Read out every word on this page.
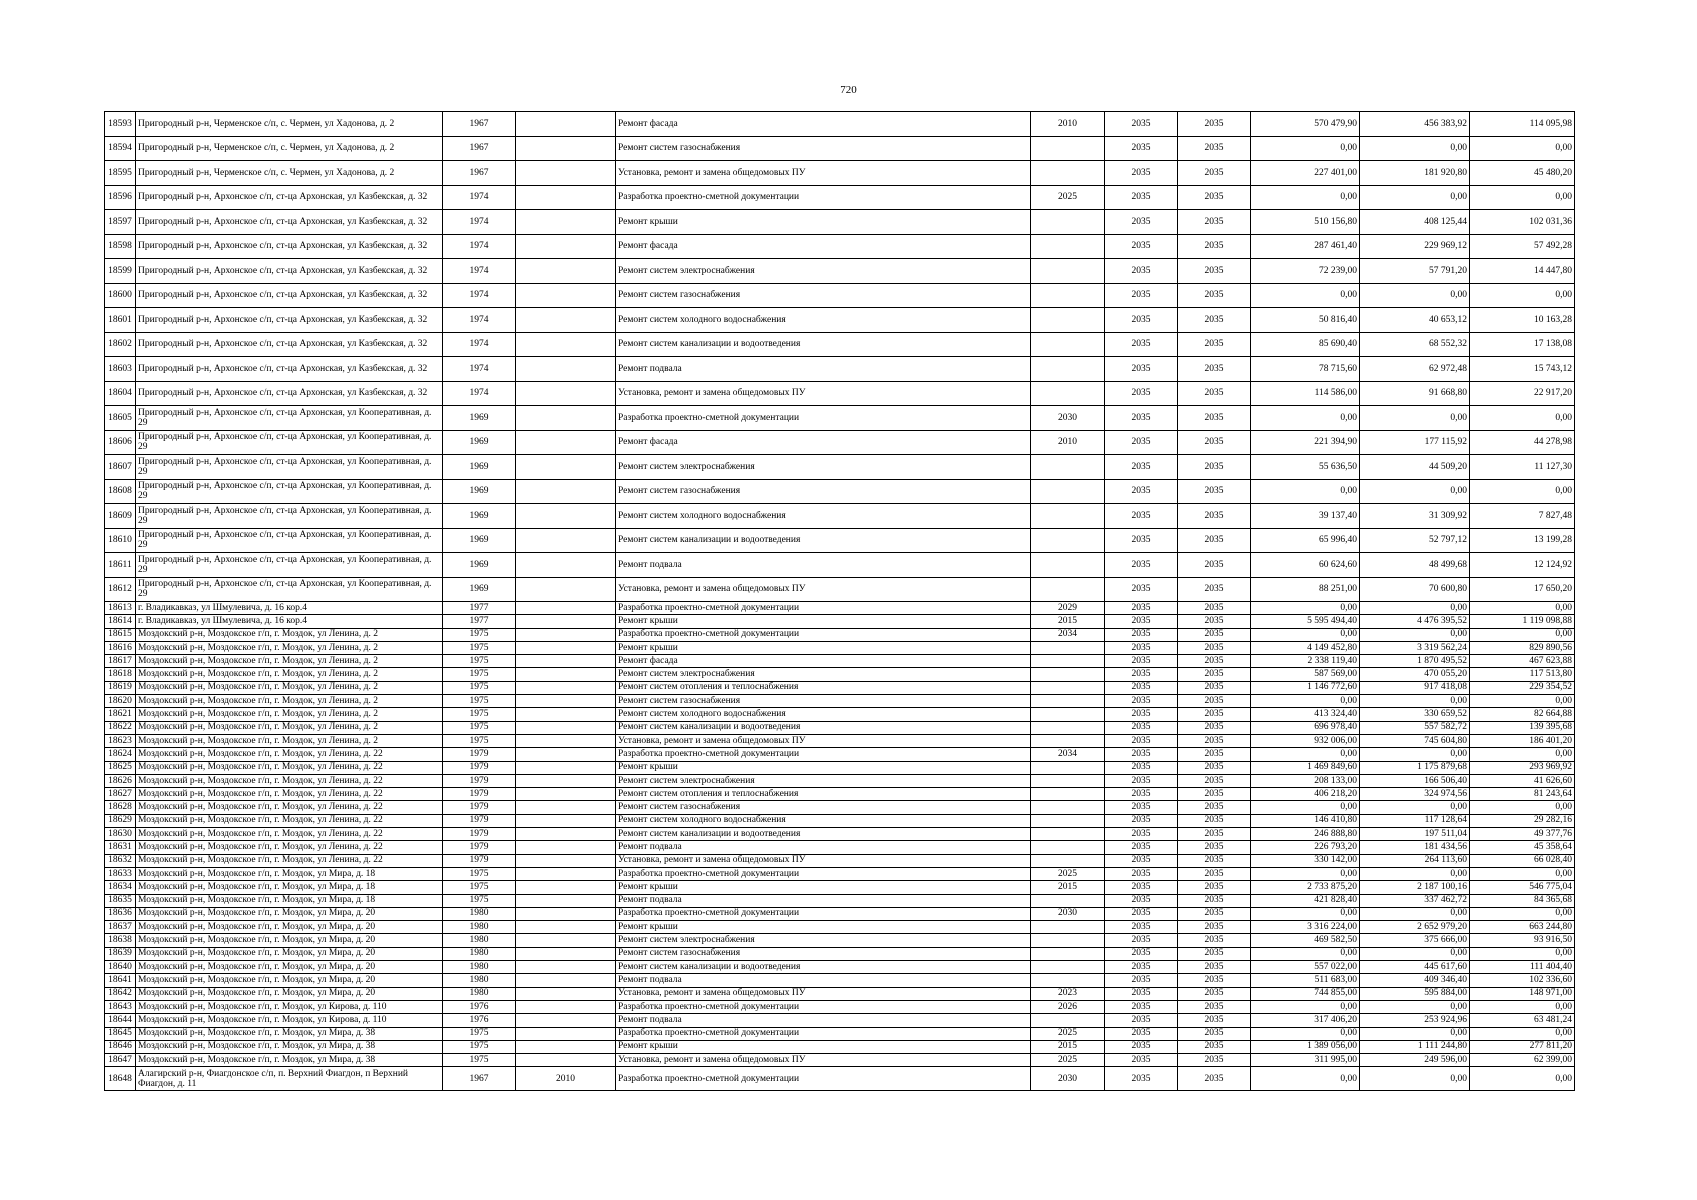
720
18593	Пригородный р-н, Черменское с/п, с. Чермен, ул Хадонова, д. 2	1967		Ремонт фасада	2010	2035	2035	570 479,90	456 383,92	114 095,98
18594	Пригородный р-н, Черменское с/п, с. Чермен, ул Хадонова, д. 2	1967		Ремонт систем газоснабжения		2035	2035	0,00	0,00	0,00
18595	Пригородный р-н, Черменское с/п, с. Чермен, ул Хадонова, д. 2	1967		Установка, ремонт и замена общедомовых ПУ		2035	2035	227 401,00	181 920,80	45 480,20
18596	Пригородный р-н, Архонское с/п, ст-ца Архонская, ул Казбекская, д. 32	1974		Разработка проектно-сметной документации	2025	2035	2035	0,00	0,00	0,00
18597	Пригородный р-н, Архонское с/п, ст-ца Архонская, ул Казбекская, д. 32	1974		Ремонт крыши		2035	2035	510 156,80	408 125,44	102 031,36
18598	Пригородный р-н, Архонское с/п, ст-ца Архонская, ул Казбекская, д. 32	1974		Ремонт фасада		2035	2035	287 461,40	229 969,12	57 492,28
18599	Пригородный р-н, Архонское с/п, ст-ца Архонская, ул Казбекская, д. 32	1974		Ремонт систем электроснабжения		2035	2035	72 239,00	57 791,20	14 447,80
18600	Пригородный р-н, Архонское с/п, ст-ца Архонская, ул Казбекская, д. 32	1974		Ремонт систем газоснабжения		2035	2035	0,00	0,00	0,00
18601	Пригородный р-н, Архонское с/п, ст-ца Архонская, ул Казбекская, д. 32	1974		Ремонт систем холодного водоснабжения		2035	2035	50 816,40	40 653,12	10 163,28
18602	Пригородный р-н, Архонское с/п, ст-ца Архонская, ул Казбекская, д. 32	1974		Ремонт систем канализации и водоотведения		2035	2035	85 690,40	68 552,32	17 138,08
18603	Пригородный р-н, Архонское с/п, ст-ца Архонская, ул Казбекская, д. 32	1974		Ремонт подвала		2035	2035	78 715,60	62 972,48	15 743,12
18604	Пригородный р-н, Архонское с/п, ст-ца Архонская, ул Казбекская, д. 32	1974		Установка, ремонт и замена общедомовых ПУ		2035	2035	114 586,00	91 668,80	22 917,20
18605	Пригородный р-н, Архонское с/п, ст-ца Архонская, ул Кооперативная, д. 29	1969		Разработка проектно-сметной документации	2030	2035	2035	0,00	0,00	0,00
18606	Пригородный р-н, Архонское с/п, ст-ца Архонская, ул Кооперативная, д. 29	1969		Ремонт фасада	2010	2035	2035	221 394,90	177 115,92	44 278,98
18607	Пригородный р-н, Архонское с/п, ст-ца Архонская, ул Кооперативная, д. 29	1969		Ремонт систем электроснабжения		2035	2035	55 636,50	44 509,20	11 127,30
18608	Пригородный р-н, Архонское с/п, ст-ца Архонская, ул Кооперативная, д. 29	1969		Ремонт систем газоснабжения		2035	2035	0,00	0,00	0,00
18609	Пригородный р-н, Архонское с/п, ст-ца Архонская, ул Кооперативная, д. 29	1969		Ремонт систем холодного водоснабжения		2035	2035	39 137,40	31 309,92	7 827,48
18610	Пригородный р-н, Архонское с/п, ст-ца Архонская, ул Кооперативная, д. 29	1969		Ремонт систем канализации и водоотведения		2035	2035	65 996,40	52 797,12	13 199,28
18611	Пригородный р-н, Архонское с/п, ст-ца Архонская, ул Кооперативная, д. 29	1969		Ремонт подвала		2035	2035	60 624,60	48 499,68	12 124,92
18612	Пригородный р-н, Архонское с/п, ст-ца Архонская, ул Кооперативная, д. 29	1969		Установка, ремонт и замена общедомовых ПУ		2035	2035	88 251,00	70 600,80	17 650,20
18613	г. Владикавказ, ул Шмулевича, д. 16 кор.4	1977		Разработка проектно-сметной документации	2029	2035	2035	0,00	0,00	0,00
18614	г. Владикавказ, ул Шмулевича, д. 16 кор.4	1977		Ремонт крыши	2015	2035	2035	5 595 494,40	4 476 395,52	1 119 098,88
18615	Моздокский р-н, Моздокское г/п, г. Моздок, ул Ленина, д. 2	1975		Разработка проектно-сметной документации	2034	2035	2035	0,00	0,00	0,00
18616	Моздокский р-н, Моздокское г/п, г. Моздок, ул Ленина, д. 2	1975		Ремонт крыши		2035	2035	4 149 452,80	3 319 562,24	829 890,56
18617	Моздокский р-н, Моздокское г/п, г. Моздок, ул Ленина, д. 2	1975		Ремонт фасада		2035	2035	2 338 119,40	1 870 495,52	467 623,88
18618	Моздокский р-н, Моздокское г/п, г. Моздок, ул Ленина, д. 2	1975		Ремонт систем электроснабжения		2035	2035	587 569,00	470 055,20	117 513,80
18619	Моздокский р-н, Моздокское г/п, г. Моздок, ул Ленина, д. 2	1975		Ремонт систем отопления и теплоснабжения		2035	2035	1 146 772,60	917 418,08	229 354,52
18620	Моздокский р-н, Моздокское г/п, г. Моздок, ул Ленина, д. 2	1975		Ремонт систем газоснабжения		2035	2035	0,00	0,00	0,00
18621	Моздокский р-н, Моздокское г/п, г. Моздок, ул Ленина, д. 2	1975		Ремонт систем холодного водоснабжения		2035	2035	413 324,40	330 659,52	82 664,88
18622	Моздокский р-н, Моздокское г/п, г. Моздок, ул Ленина, д. 2	1975		Ремонт систем канализации и водоотведения		2035	2035	696 978,40	557 582,72	139 395,68
18623	Моздокский р-н, Моздокское г/п, г. Моздок, ул Ленина, д. 2	1975		Установка, ремонт и замена общедомовых ПУ		2035	2035	932 006,00	745 604,80	186 401,20
18624	Моздокский р-н, Моздокское г/п, г. Моздок, ул Ленина, д. 22	1979		Разработка проектно-сметной документации	2034	2035	2035	0,00	0,00	0,00
18625	Моздокский р-н, Моздокское г/п, г. Моздок, ул Ленина, д. 22	1979		Ремонт крыши		2035	2035	1 469 849,60	1 175 879,68	293 969,92
18626	Моздокский р-н, Моздокское г/п, г. Моздок, ул Ленина, д. 22	1979		Ремонт систем электроснабжения		2035	2035	208 133,00	166 506,40	41 626,60
18627	Моздокский р-н, Моздокское г/п, г. Моздок, ул Ленина, д. 22	1979		Ремонт систем отопления и теплоснабжения		2035	2035	406 218,20	324 974,56	81 243,64
18628	Моздокский р-н, Моздокское г/п, г. Моздок, ул Ленина, д. 22	1979		Ремонт систем газоснабжения		2035	2035	0,00	0,00	0,00
18629	Моздокский р-н, Моздокское г/п, г. Моздок, ул Ленина, д. 22	1979		Ремонт систем холодного водоснабжения		2035	2035	146 410,80	117 128,64	29 282,16
18630	Моздокский р-н, Моздокское г/п, г. Моздок, ул Ленина, д. 22	1979		Ремонт систем канализации и водоотведения		2035	2035	246 888,80	197 511,04	49 377,76
18631	Моздокский р-н, Моздокское г/п, г. Моздок, ул Ленина, д. 22	1979		Ремонт подвала		2035	2035	226 793,20	181 434,56	45 358,64
18632	Моздокский р-н, Моздокское г/п, г. Моздок, ул Ленина, д. 22	1979		Установка, ремонт и замена общедомовых ПУ		2035	2035	330 142,00	264 113,60	66 028,40
18633	Моздокский р-н, Моздокское г/п, г. Моздок, ул Мира, д. 18	1975		Разработка проектно-сметной документации	2025	2035	2035	0,00	0,00	0,00
18634	Моздокский р-н, Моздокское г/п, г. Моздок, ул Мира, д. 18	1975		Ремонт крыши	2015	2035	2035	2 733 875,20	2 187 100,16	546 775,04
18635	Моздокский р-н, Моздокское г/п, г. Моздок, ул Мира, д. 18	1975		Ремонт подвала		2035	2035	421 828,40	337 462,72	84 365,68
18636	Моздокский р-н, Моздокское г/п, г. Моздок, ул Мира, д. 20	1980		Разработка проектно-сметной документации	2030	2035	2035	0,00	0,00	0,00
18637	Моздокский р-н, Моздокское г/п, г. Моздок, ул Мира, д. 20	1980		Ремонт крыши		2035	2035	3 316 224,00	2 652 979,20	663 244,80
18638	Моздокский р-н, Моздокское г/п, г. Моздок, ул Мира, д. 20	1980		Ремонт систем электроснабжения		2035	2035	469 582,50	375 666,00	93 916,50
18639	Моздокский р-н, Моздокское г/п, г. Моздок, ул Мира, д. 20	1980		Ремонт систем газоснабжения		2035	2035	0,00	0,00	0,00
18640	Моздокский р-н, Моздокское г/п, г. Моздок, ул Мира, д. 20	1980		Ремонт систем канализации и водоотведения		2035	2035	557 022,00	445 617,60	111 404,40
18641	Моздокский р-н, Моздокское г/п, г. Моздок, ул Мира, д. 20	1980		Ремонт подвала		2035	2035	511 683,00	409 346,40	102 336,60
18642	Моздокский р-н, Моздокское г/п, г. Моздок, ул Мира, д. 20	1980		Установка, ремонт и замена общедомовых ПУ	2023	2035	2035	744 855,00	595 884,00	148 971,00
18643	Моздокский р-н, Моздокское г/п, г. Моздок, ул Кирова, д. 110	1976		Разработка проектно-сметной документации	2026	2035	2035	0,00	0,00	0,00
18644	Моздокский р-н, Моздокское г/п, г. Моздок, ул Кирова, д. 110	1976		Ремонт подвала		2035	2035	317 406,20	253 924,96	63 481,24
18645	Моздокский р-н, Моздокское г/п, г. Моздок, ул Мира, д. 38	1975		Разработка проектно-сметной документации	2025	2035	2035	0,00	0,00	0,00
18646	Моздокский р-н, Моздокское г/п, г. Моздок, ул Мира, д. 38	1975		Ремонт крыши	2015	2035	2035	1 389 056,00	1 111 244,80	277 811,20
18647	Моздокский р-н, Моздокское г/п, г. Моздок, ул Мира, д. 38	1975		Установка, ремонт и замена общедомовых ПУ	2025	2035	2035	311 995,00	249 596,00	62 399,00
18648	Алагирский р-н, Фиагдонское с/п, п. Верхний Фиагдон, п Верхний Фиагдон, д. 11	1967	2010	Разработка проектно-сметной документации	2030	2035	2035	0,00	0,00	0,00
